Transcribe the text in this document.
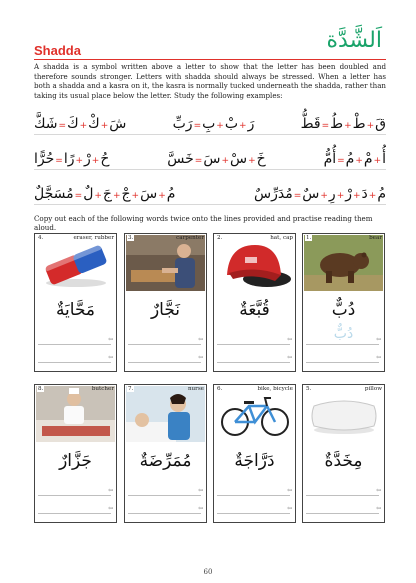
Shadda	اَلشَّدَّة
A shadda is a symbol written above a letter to show that the letter has been doubled and therefore sounds stronger. Letters with shadda should always be stressed. When a letter has both a shadda and a kasra on it, the kasra is normally tucked underneath the shadda, rather than taking its usual place below the letter. Study the following examples:
قَ+طْ+طُ=قَطُّ
رَ+بْ+بِ=رَبِّ
شَ+كْ+كَ=شَكَّ
أُ+مْ+مُ=أُمُّ
خَ+سْ+سَ=خَسَّ
حُ+رْ+رًا=حُرًّا
مُ+دَ+رْ+رِ+سٌ=مُدَرِّسٌ
مُ+سَ+جْ+جَ+لٌ=مُسَجَّلٌ
Copy out each of the following words twice onto the lines provided and practise reading them aloud.
4.	eraser, rubber
مَحَّايَةٌ
⇦
⇦
3.	carpenter
نَجَّارٌ
⇦
⇦
2.	hat, cap
قُبَّعَةٌ
⇦
⇦
1.	bear
دُبٌّ
دُبٌّ	⇦
⇦
8.	butcher
جَزَّارٌ
⇦
⇦
7.	nurse
مُمَرِّضَةٌ
⇦
⇦
6.	bike, bicycle
دَرَّاجَةٌ
⇦
⇦
5.	pillow
مِخَدَّةٌ
⇦
⇦
60
